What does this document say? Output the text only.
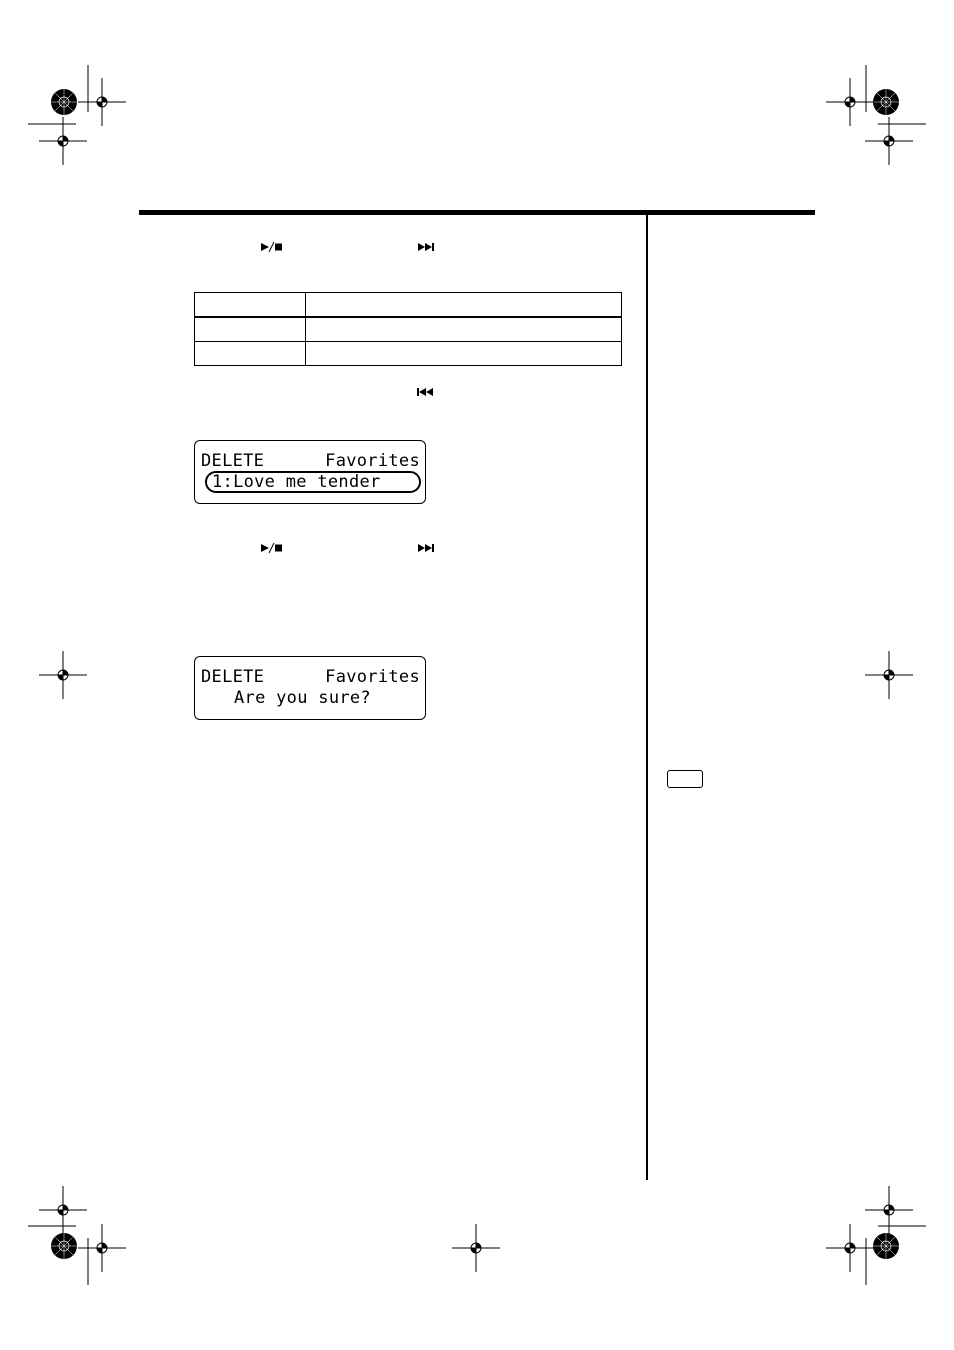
DELETE	Favorites
1:Love me tender
DELETE	Favorites
Are you sure?
